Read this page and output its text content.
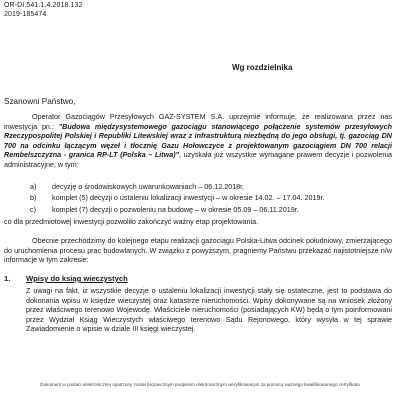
OR-DI.541.1.4.2018.132
2019-185474
Wg rozdzielnika
Szanowni Państwo,

Operator Gazociągów Przesyłowych GAZ-SYSTEM S.A. uprzejmie informuje, że realizowana przez nas inwestycja pn.: "Budowa międzysystemowego gazociągu stanowiącego połączenie systemów przesyłowych Rzeczypospolitej Polskiej i Republiki Litewskiej wraz z infrastrukturą niezbędną do jego obsługi, tj. gazociąg DN 700 na odcinku łączącym węzeł i tłocznię Gazu Hołowczyce z projektowanym gazociągiem DN 700 relacji Rembelszczyzna - granica RP-LT (Polska – Litwa)", uzyskała już wszystkie wymagane prawem decyzje i pozwolenia administracyjne, w tym:

a)	decyzję o środowiskowych uwarunkowaniach – 06.12.2018r,
b)	komplet (5) decyzji o ustaleniu lokalizacji inwestycji – w okresie 14.02. – 17.04. 2019r.
c)	komplet (7) decyzji o pozwoleniu na budowę – w okresie 05.09 – 06.11.2019r.

co dla przedmiotowej inwestycji pozwoliło zakończyć ważny etap projektowania.

Obecnie przechodzimy do kolejnego etapu realizacji gazociągu Polska-Litwa odcinek południowy, zmierzającego do uruchomienia procesu prac budowlanych. W związku z powyższym, pragniemy Państwu przekazać najistotniejsze n/w informacje w tym zakresie:

1. Wpisy do ksiąg wieczystych

Z uwagi na fakt, iż wszystkie decyzje o ustaleniu lokalizacji inwestycji stały się ostateczne, jest to podstawa do dokonania wpisu w księdze wieczystej oraz katastrze nieruchomości. Wpisy dokonywane są na wniosek złożony przez właściwego terenowo Wojewodę. Właściciele nieruchomości (posiadających KW) będą o tym poinformowani przez Wydział Ksiąg Wieczystych właściwego terenowo Sądu Rejonowego, który wysyła w tej sprawie Zawiadomienie o wpisie w dziale III księgi wieczystej.

Dokument w postaci elektronicznej opatrzony został bezpiecznym podpisem elektronicznym weryfikowanym za pomocą ważnego kwalifikowanego certyfikatu
